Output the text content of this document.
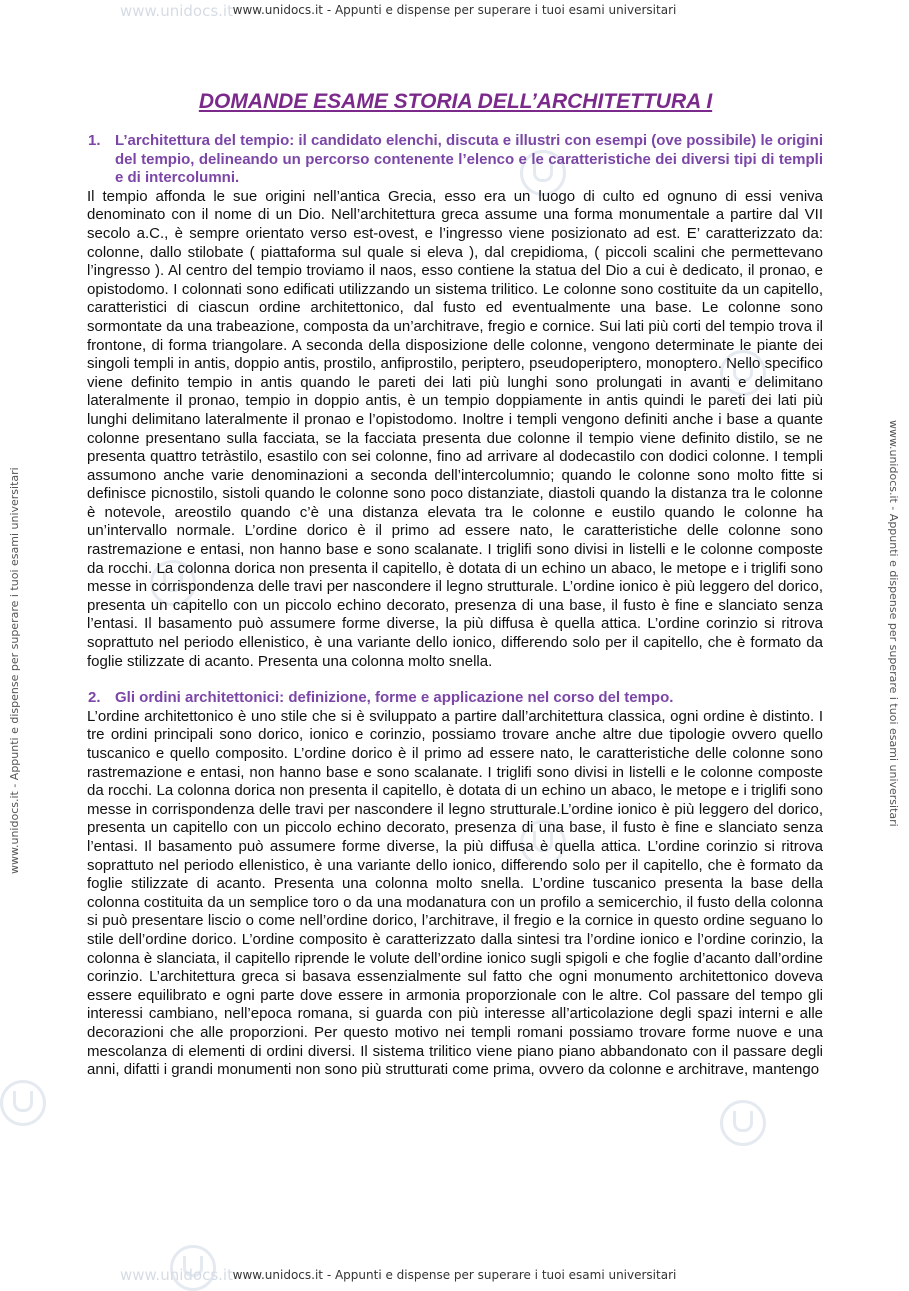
www.unidocs.it
www.unidocs.it
www.unidocs.it - Appunti e dispense per superare i tuoi esami universitari
www.unidocs.it - Appunti e dispense per superare i tuoi esami universitari
www.unidocs.it - Appunti e dispense per superare i tuoi esami universitari	www.unidocs.it - Appunti e dispense per superare i tuoi esami universitari
DOMANDE ESAME STORIA DELL’ARCHITETTURA I
1. L’architettura del tempio: il candidato elenchi, discuta e illustri con esempi (ove possibile) le origini del tempio, delineando un percorso contenente l’elenco e le caratteristiche dei diversi tipi di templi e di intercolumni.

Il tempio affonda le sue origini nell’antica Grecia, esso era un luogo di culto ed ognuno di essi veniva denominato con il nome di un Dio. Nell’architettura greca assume una forma monumentale a partire dal VII secolo a.C., è sempre orientato verso est-ovest, e l’ingresso viene posizionato ad est. E’ caratterizzato da: colonne, dallo stilobate ( piattaforma sul quale si eleva ), dal crepidioma, ( piccoli scalini che permettevano l’ingresso ). Al centro del tempio troviamo il naos, esso contiene la statua del Dio a cui è dedicato, il pronao, e opistodomo. I colonnati sono edificati utilizzando un sistema trilitico. Le colonne sono costituite da un capitello, caratteristici di ciascun ordine architettonico, dal fusto ed eventualmente una base. Le colonne sono sormontate da una trabeazione, composta da un’architrave, fregio e cornice. Sui lati più corti del tempio trova il frontone, di forma triangolare. A seconda della disposizione delle colonne, vengono determinate le piante dei singoli templi in antis, doppio antis, prostilo, anfiprostilo, periptero, pseudoperiptero, monoptero. Nello specifico viene definito tempio in antis quando le pareti dei lati più lunghi sono prolungati in avanti e delimitano lateralmente il pronao, tempio in doppio antis, è un tempio doppiamente in antis quindi le pareti dei lati più lunghi delimitano lateralmente il pronao e l’opistodomo. Inoltre i templi vengono definiti anche i base a quante colonne presentano sulla facciata, se la facciata presenta due colonne il tempio viene definito distilo, se ne presenta quattro tetràstilo, esastilo con sei colonne, fino ad arrivare al dodecastilo con dodici colonne. I templi assumono anche varie denominazioni a seconda dell’intercolumnio; quando le colonne sono molto fitte si definisce picnostilo, sistoli quando le colonne sono poco distanziate, diastoli quando la distanza tra le colonne è notevole, areostilo quando c’è una distanza elevata tra le colonne e eustilo quando le colonne ha un’intervallo normale. L’ordine dorico è il primo ad essere nato, le caratteristiche delle colonne sono rastremazione e entasi, non hanno base e sono scalanate. I triglifi sono divisi in listelli e le colonne composte da rocchi. La colonna dorica non presenta il capitello, è dotata di un echino un abaco, le metope e i triglifi sono messe in corrispondenza delle travi per nascondere il legno strutturale. L’ordine ionico è più leggero del dorico, presenta un capitello con un piccolo echino decorato, presenza di una base, il fusto è fine e slanciato senza l’entasi. Il basamento può assumere forme diverse, la più diffusa è quella attica. L’ordine corinzio si ritrova soprattuto nel periodo ellenistico, è una variante dello ionico, differendo solo per il capitello, che è formato da foglie stilizzate di acanto. Presenta una colonna molto snella.

2. Gli ordini architettonici: definizione, forme e applicazione nel corso del tempo.

L’ordine architettonico è uno stile che si è sviluppato a partire dall’architettura classica, ogni ordine è distinto. I tre ordini principali sono dorico, ionico e corinzio, possiamo trovare anche altre due tipologie ovvero quello tuscanico e quello composito. L’ordine dorico è il primo ad essere nato, le caratteristiche delle colonne sono rastremazione e entasi, non hanno base e sono scalanate. I triglifi sono divisi in listelli e le colonne composte da rocchi. La colonna dorica non presenta il capitello, è dotata di un echino un abaco, le metope e i triglifi sono messe in corrispondenza delle travi per nascondere il legno strutturale.L’ordine ionico è più leggero del dorico, presenta un capitello con un piccolo echino decorato, presenza di una base, il fusto è fine e slanciato senza l’entasi. Il basamento può assumere forme diverse, la più diffusa è quella attica. L’ordine corinzio si ritrova soprattuto nel periodo ellenistico, è una variante dello ionico, differendo solo per il capitello, che è formato da foglie stilizzate di acanto. Presenta una colonna molto snella. L’ordine tuscanico presenta la base della colonna costituita da un semplice toro o da una modanatura con un profilo a semicerchio, il fusto della colonna si può presentare liscio o come nell’ordine dorico, l’architrave, il fregio e la cornice in questo ordine seguano lo stile dell’ordine dorico. L’ordine composito è caratterizzato dalla sintesi tra l’ordine ionico e l’ordine corinzio, la colonna è slanciata, il capitello riprende le volute dell’ordine ionico sugli spigoli e che foglie d’acanto dall’ordine corinzio. L’architettura greca si basava essenzialmente sul fatto che ogni monumento architettonico doveva essere equilibrato e ogni parte dove essere in armonia proporzionale con le altre. Col passare del tempo gli interessi cambiano, nell’epoca romana, si guarda con più interesse all’articolazione degli spazi interni e alle decorazioni che alle proporzioni. Per questo motivo nei templi romani possiamo trovare forme nuove e una mescolanza di elementi di ordini diversi. Il sistema trilitico viene piano piano abbandonato con il passare degli anni, difatti i grandi monumenti non sono più strutturati come prima, ovvero da colonne e architrave, mantengo
